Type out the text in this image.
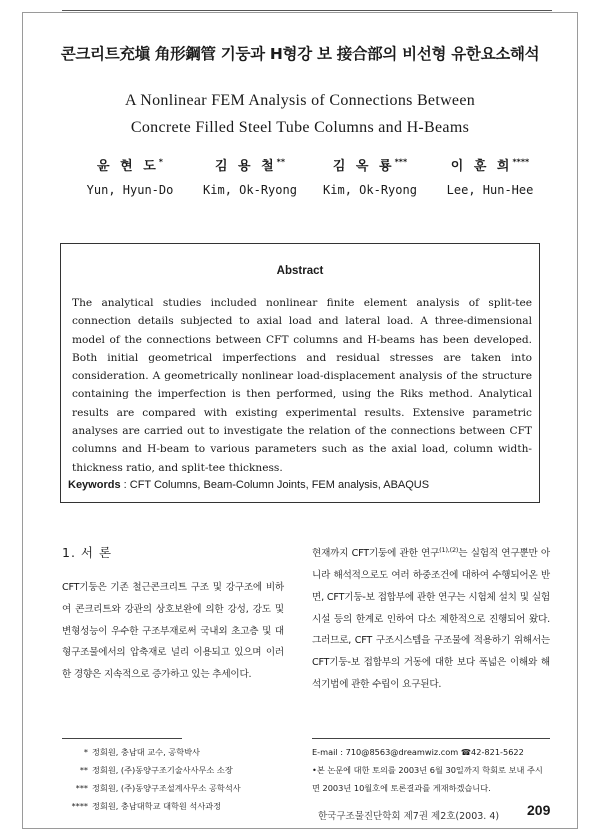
콘크리트充塡 角形鋼管 기둥과 H형강 보 接合部의 비선형 유한요소해석
A Nonlinear FEM Analysis of Connections Between
Concrete Filled Steel Tube Columns and H-Beams
윤 현 도*
Yun, Hyun-Do
김 용 철**
Kim, Ok-Ryong
김 옥 룡***
Kim, Ok-Ryong
이 훈 희****
Lee, Hun-Hee
Abstract

The analytical studies included nonlinear finite element analysis of split-tee connection details subjected to axial load and lateral load. A three-dimensional model of the connections between CFT columns and H-beams has been developed. Both initial geometrical imperfections and residual stresses are taken into consideration. A geometrically nonlinear load-displacement analysis of the structure containing the imperfection is then performed, using the Riks method. Analytical results are compared with existing experimental results. Extensive parametric analyses are carried out to investigate the relation of the connections between CFT columns and H-beam to various parameters such as the axial load, column width-thickness ratio, and split-tee thickness.

Keywords : CFT Columns, Beam-Column Joints, FEM analysis, ABAQUS
1. 서 론

CFT기둥은 기존 철근콘크리트 구조 및 강구조에 비하여 콘크리트와 강관의 상호보완에 의한 강성, 강도 및 변형성능이 우수한 구조부재로써 국내외 초고층 및 대형구조물에서의 압축재로 널리 이용되고 있으며 이러한 경향은 지속적으로 증가하고 있는 추세이다.

현재까지 CFT기둥에 관한 연구$^{(1),(2)}$는 실험적 연구뿐만 아니라 해석적으로도 여러 하중조건에 대하여 수행되어온 반면, CFT기둥-보 접합부에 관한 연구는 시험체 설치 및 실험시설 등의 한계로 인하여 다소 제한적으로 진행되어 왔다. 그러므로, CFT 구조시스템을 구조물에 적용하기 위해서는 CFT기둥-보 접합부의 거동에 대한 보다 폭넓은 이해와 해석기법에 관한 수립이 요구된다.

* 정회원, 충남대 교수, 공학박사
** 정회원, (주)동양구조기술사사무소 소장
*** 정회원, (주)동양구조설계사무소 공학석사
**** 정회원, 충남대학교 대학원 석사과정
E-mail : 710@8563@dreamwiz.com ☎42-821-5622
•본 논문에 대한 토의를 2003년 6월 30일까지 학회로 보내 주시면 2003년 10월호에 토론결과를 게재하겠습니다.
한국구조물진단학회 제7권 제2호(2003. 4) 209
